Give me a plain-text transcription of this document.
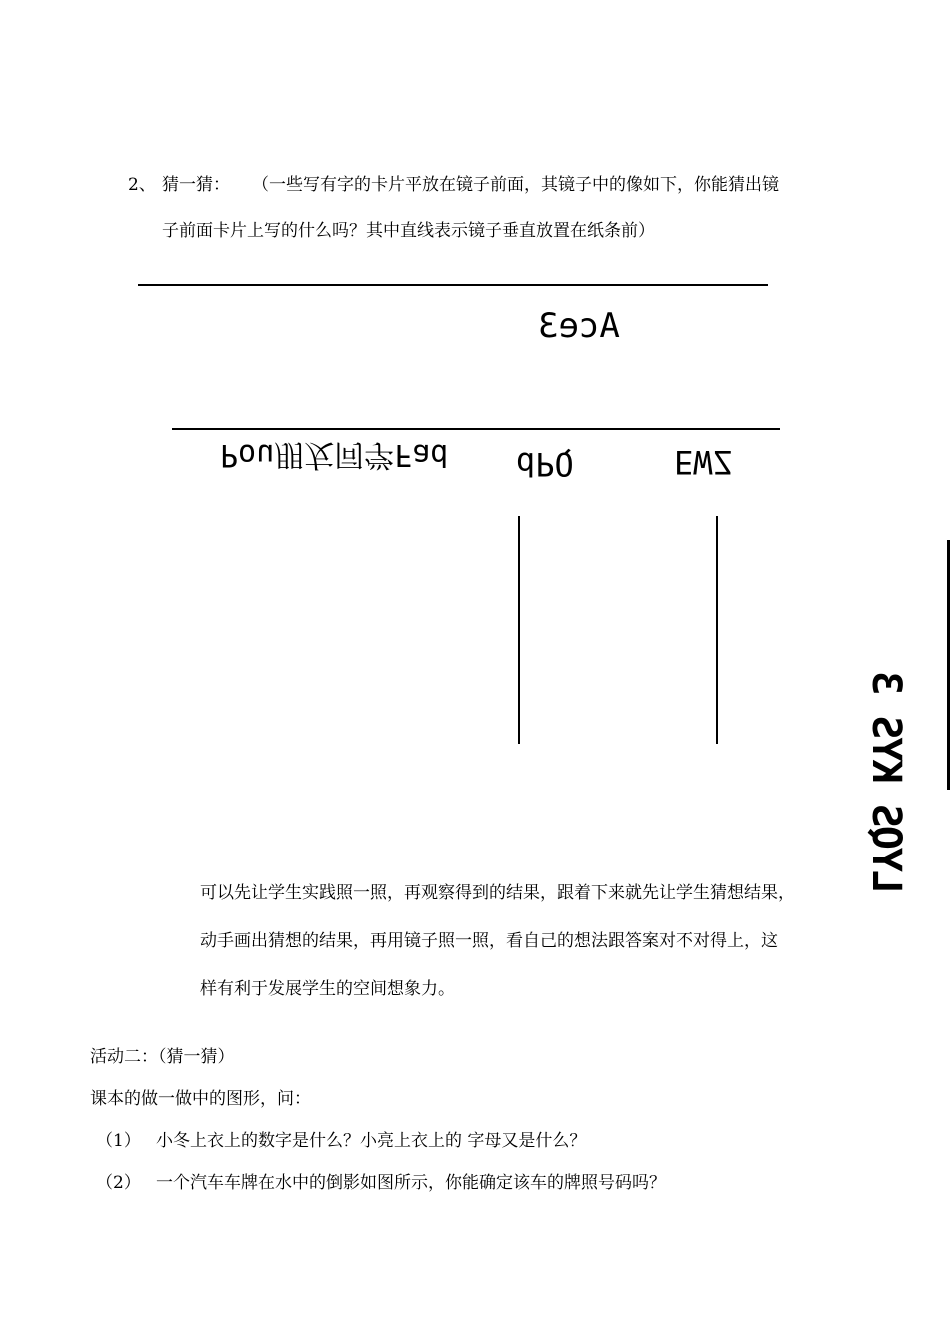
2、 猜一猜： （一些写有字的卡片平放在镜子前面，其镜子中的像如下，你能猜出镜
子前面卡片上写的什么吗？其中直线表示镜子垂直放置在纸条前）
Ace3
Pou朋友同学Fad dPQ	EWZ
LYQS KYS 3
可以先让学生实践照一照，再观察得到的结果，跟着下来就先让学生猜想结果，
动手画出猜想的结果，再用镜子照一照，看自己的想法跟答案对不对得上，这
样有利于发展学生的空间想象力。
活动二：（猜一猜）
课本的做一做中的图形，问：
（1） 小冬上衣上的数字是什么？小亮上衣上的 字母又是什么？
（2） 一个汽车车牌在水中的倒影如图所示，你能确定该车的牌照号码吗？
